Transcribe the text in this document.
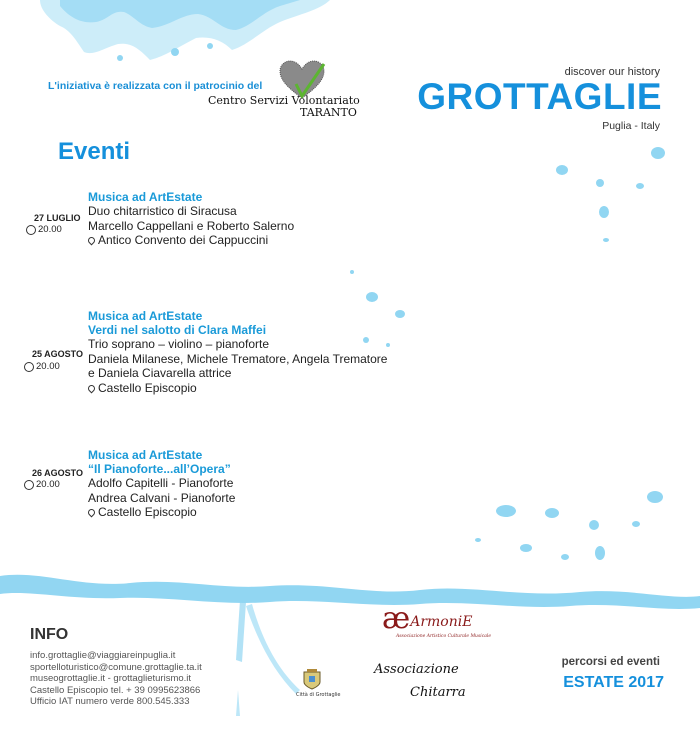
L'iniziativa è realizzata con il patrocinio del
Centro Servizi Volontariato
TARANTO
discover our history
GROTTAGLIE
Puglia - Italy
Eventi
27 LUGLIO
20.00
Musica ad ArtEstate
Duo chitarristico di Siracusa
Marcello Cappellani e Roberto Salerno
Antico Convento dei Cappuccini
25 AGOSTO
20.00
Musica ad ArtEstate
Verdi nel salotto di Clara Maffei
Trio soprano – violino – pianoforte
Daniela Milanese, Michele Trematore, Angela Trematore
e Daniela Ciavarella attrice
Castello Episcopio
26 AGOSTO
20.00
Musica ad ArtEstate
“Il Pianoforte...all’Opera”
Adolfo Capitelli - Pianoforte
Andrea Calvani - Pianoforte
Castello Episcopio
INFO
info.grottaglie@viaggiareinpuglia.it
sportelloturistico@comune.grottaglie.ta.it
museogrottaglie.it - grottaglieturismo.it
Castello Episcopio tel. + 39 0995623866
Ufficio IAT numero verde 800.545.333
Città di Grottaglie
æ ArmoniE
Associazione Artistico Culturale Musicale
Associazione
Chitarra
percorsi ed eventi
ESTATE 2017
